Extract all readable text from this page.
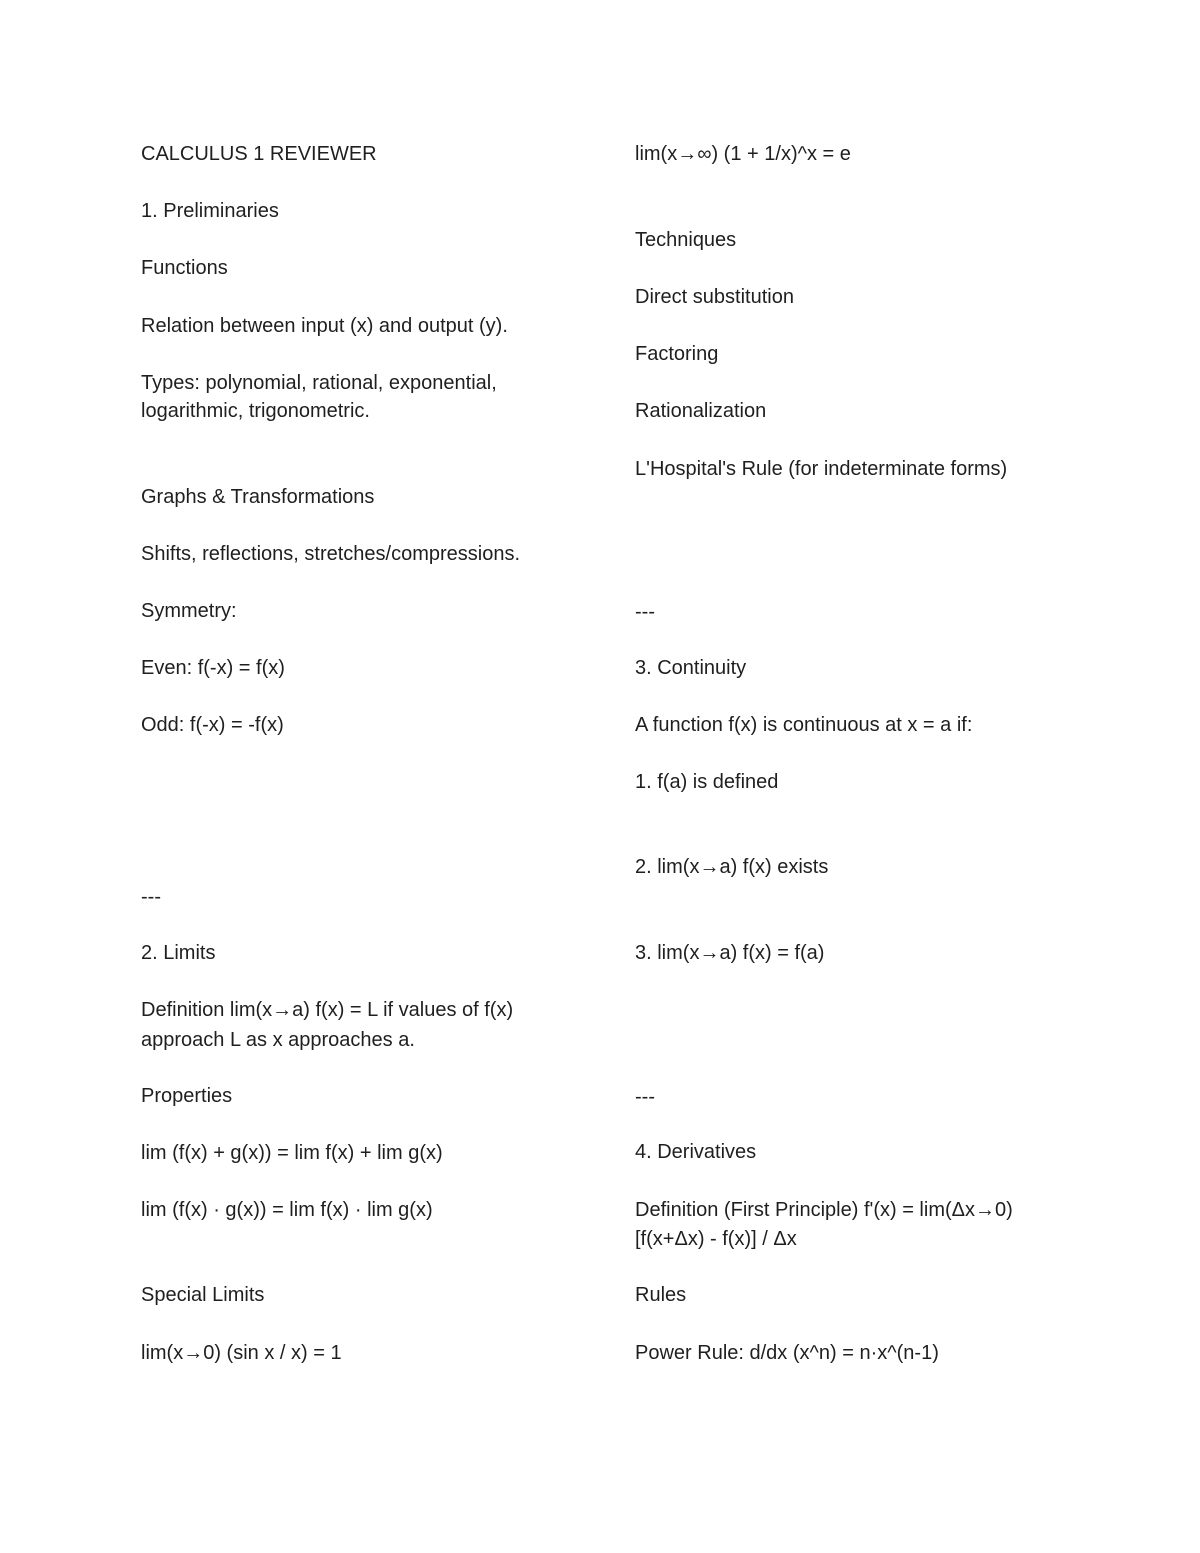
CALCULUS 1 REVIEWER
1. Preliminaries
Functions
Relation between input (x) and output (y).
Types: polynomial, rational, exponential,
logarithmic, trigonometric.
Graphs & Transformations
Shifts, reflections, stretches/compressions.
Symmetry:
Even: f(-x) = f(x)
Odd: f(-x) = -f(x)
---
2. Limits
Definition lim(x→a) f(x) = L if values of f(x)
approach L as x approaches a.
Properties
lim (f(x) + g(x)) = lim f(x) + lim g(x)
lim (f(x) · g(x)) = lim f(x) · lim g(x)
Special Limits
lim(x→0) (sin x / x) = 1
lim(x→∞) (1 + 1/x)^x = e
Techniques
Direct substitution
Factoring
Rationalization
L'Hospital's Rule (for indeterminate forms)
---
3. Continuity
A function f(x) is continuous at x = a if:
1. f(a) is defined
2. lim(x→a) f(x) exists
3. lim(x→a) f(x) = f(a)
---
4. Derivatives
Definition (First Principle) f'(x) = lim(Δx→0)
[f(x+Δx) - f(x)] / Δx
Rules
Power Rule: d/dx (x^n) = n·x^(n-1)
